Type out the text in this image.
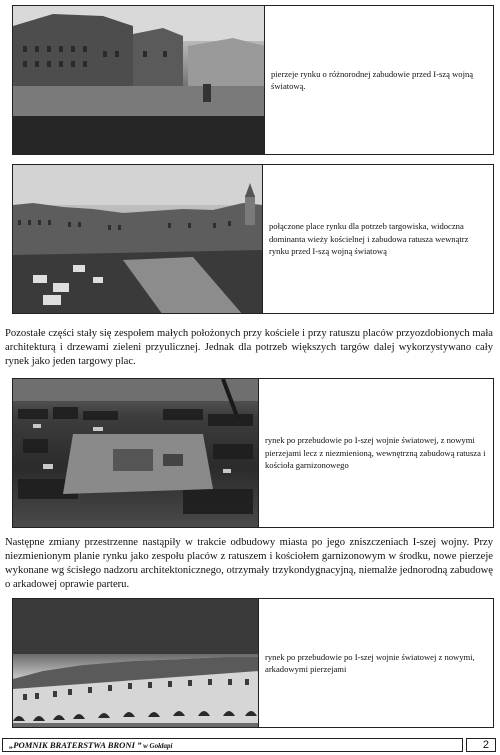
pierzeje rynku o różnorodnej zabudowie przed I-szą wojną światową.

połączone place rynku dla potrzeb targowiska, widoczna dominanta wieży kościelnej i zabudowa ratusza wewnątrz rynku przed I-szą wojną światową

Pozostałe części stały się zespołem małych położonych przy kościele i przy ratuszu placów przyozdobionych mała architekturą i drzewami zieleni przyulicznej. Jednak dla potrzeb większych targów dalej wykorzystywano cały rynek jako jeden targowy plac.

rynek po przebudowie po I-szej wojnie światowej, z nowymi pierzejami lecz z niezmienioną, wewnętrzną zabudową ratusza i kościoła garnizonowego

Następne zmiany przestrzenne nastąpiły w trakcie odbudowy miasta po jego zniszczeniach I-szej wojny. Przy niezmienionym planie rynku jako zespołu placów z ratuszem i kościołem garnizonowym w środku, nowe pierzeje wykonane wg ścisłego nadzoru architektonicznego, otrzymały trzykondygnacyjną, niemalże jednorodną zabudowę o arkadowej oprawie parteru.

rynek po przebudowie po I-szej wojnie światowej z nowymi, arkadowymi pierzejami

„POMNIK BRATERSTWA BRONI ” w Gołdapi	2
